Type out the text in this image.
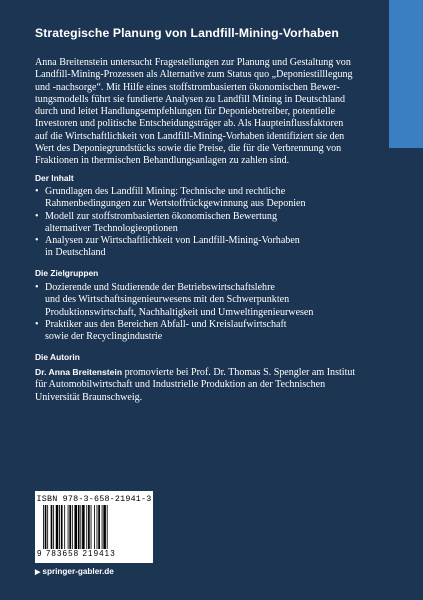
Strategische Planung von Landfill-Mining-Vorhaben

Anna Breitenstein untersucht Fragestellungen zur Planung und Gestaltung von
Landfill-Mining-Prozessen als Alternative zum Status quo „Deponiestilllegung
und -nachsorge“. Mit Hilfe eines stoffstrombasierten ökonomischen Bewer-
tungsmodells führt sie fundierte Analysen zu Landfill Mining in Deutschland
durch und leitet Handlungsempfehlungen für Deponiebetreiber, potentielle
Investoren und politische Entscheidungsträger ab. Als Haupteinflussfaktoren
auf die Wirtschaftlichkeit von Landfill-Mining-Vorhaben identifiziert sie den
Wert des Deponiegrundstücks sowie die Preise, die für die Verbrennung von
Fraktionen in thermischen Behandlungsanlagen zu zahlen sind.

Der Inhalt
• Grundlagen des Landfill Mining: Technische und rechtliche
Rahmenbedingungen zur Wertstoffrückgewinnung aus Deponien
• Modell zur stoffstrombasierten ökonomischen Bewertung
alternativer Technologieoptionen
• Analysen zur Wirtschaftlichkeit von Landfill-Mining-Vorhaben
in Deutschland
Die Zielgruppen
• Dozierende und Studierende der Betriebswirtschaftslehre
und des Wirtschaftsingenieurwesens mit den Schwerpunkten
Produktionswirtschaft, Nachhaltigkeit und Umweltingenieurwesen
• Praktiker aus den Bereichen Abfall- und Kreislaufwirtschaft
sowie der Recyclingindustrie
Die Autorin

Dr. Anna Breitenstein promovierte bei Prof. Dr. Thomas S. Spengler am Institut
für Automobilwirtschaft und Industrielle Produktion an der Technischen
Universität Braunschweig.

ISBN 978-3-658-21941-3
9 783658 219413
▶ springer-gabler.de
